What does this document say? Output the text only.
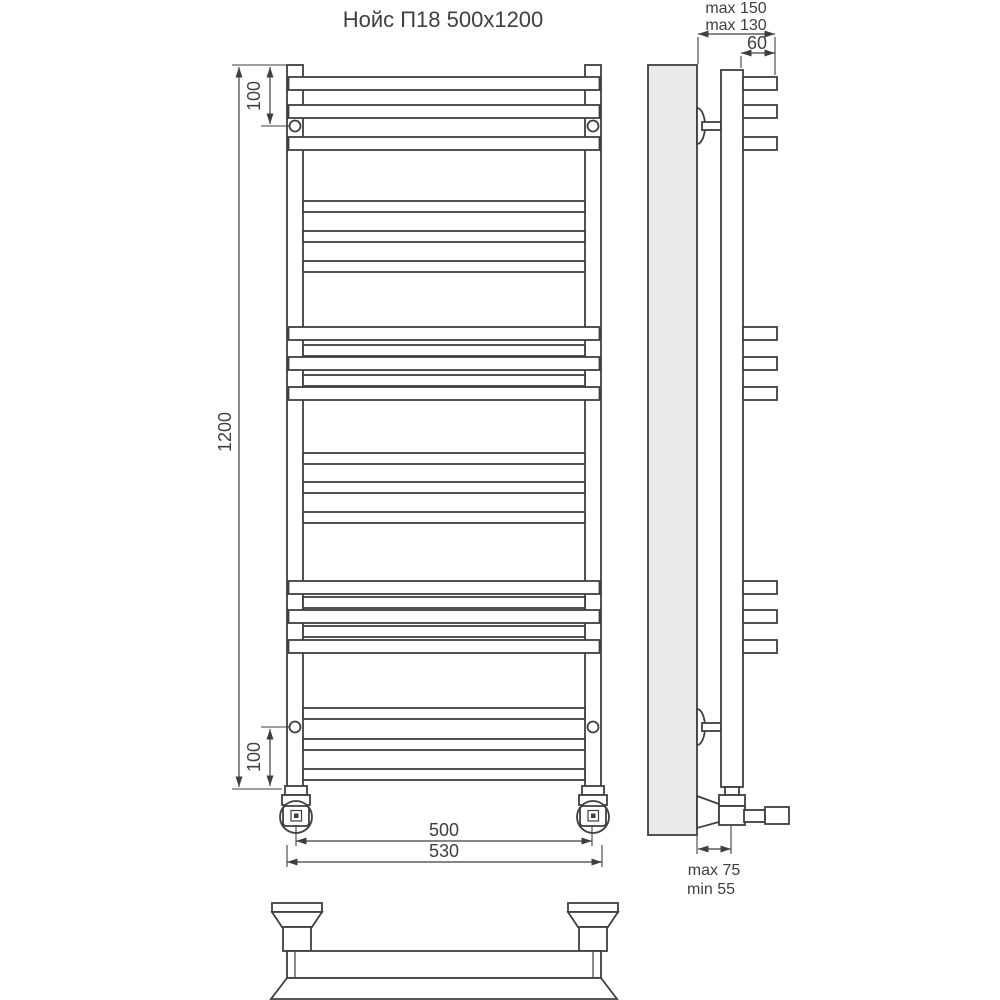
Нойс П18 500x1200
1200
100
100
500
530
max 150
max 130
60
max 75
min 55
